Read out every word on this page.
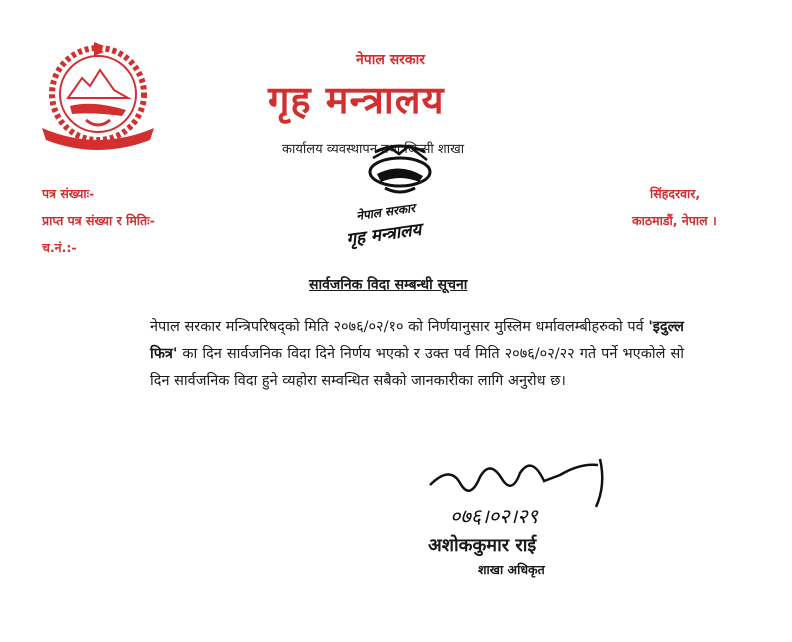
नेपाल सरकार
गृह मन्त्रालय
कार्यालय व्यवस्थापन तथा जिन्सी शाखा
पत्र संख्याः-
प्राप्त पत्र संख्या र मितिः-
च.नं.:-
सिंहदरवार,
काठमाडौं, नेपाल ।
नेपाल सरकार
गृह मन्त्रालय
सार्वजनिक विदा सम्बन्धी सूचना

नेपाल सरकार मन्त्रिपरिषद्को मिति २०७६/०२/१० को निर्णयानुसार मुस्लिम धर्मावलम्बीहरुको पर्व 'इदुल्ल फित्र' का दिन सार्वजनिक विदा दिने निर्णय भएको र उक्त पर्व मिति २०७६/०२/२२ गते पर्ने भएकोले सो दिन सार्वजनिक विदा हुने व्यहोरा सम्वन्धित सबैको जानकारीका लागि अनुरोध छ।

०७६।०२।२९
अशोककुमार राई
शाखा अधिकृत
